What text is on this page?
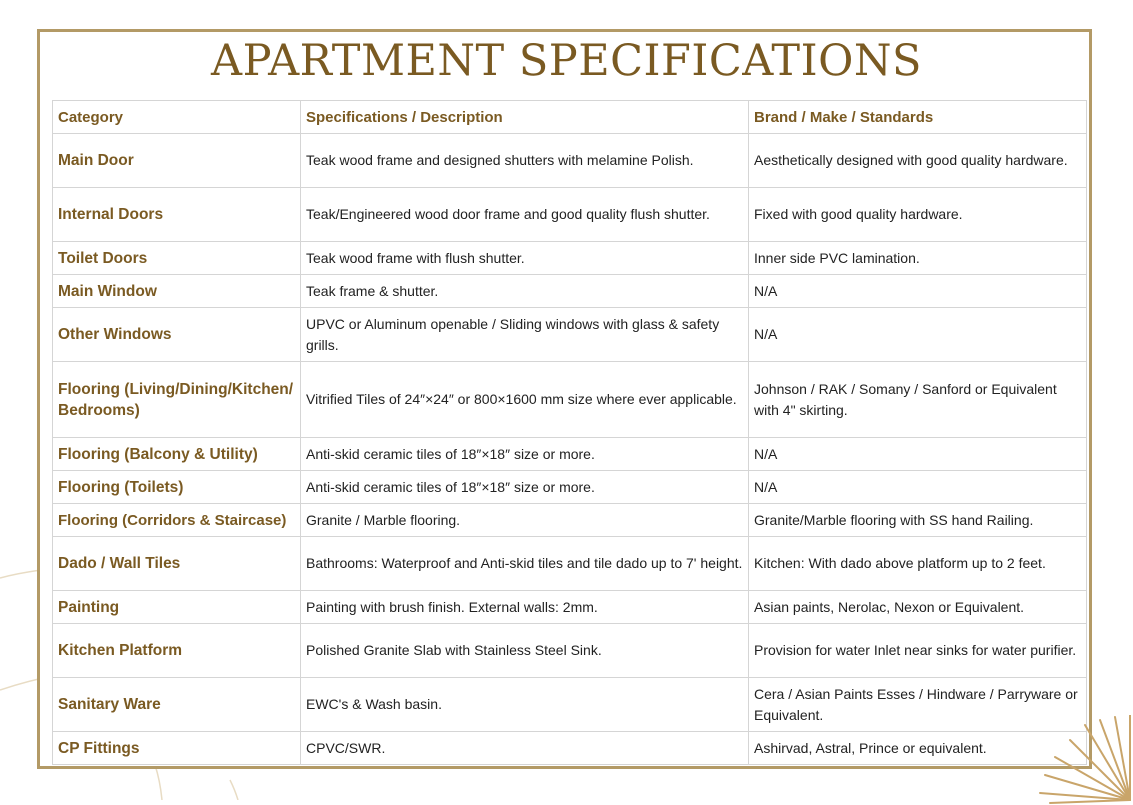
APARTMENT SPECIFICATIONS
Category	Specifications / Description	Brand / Make / Standards
Main Door	Teak wood frame and designed shutters with melamine Polish.	Aesthetically designed with good quality hardware.
Internal Doors	Teak/Engineered wood door frame and good quality flush shutter.	Fixed with good quality hardware.
Toilet Doors	Teak wood frame with flush shutter.	Inner side PVC lamination.
Main Window	Teak frame & shutter.	N/A
Other Windows	UPVC or Aluminum openable / Sliding windows with glass & safety grills.	N/A
Flooring (Living/Dining/Kitchen/Bedrooms)	Vitrified Tiles of 24″×24″ or 800×1600 mm size where ever applicable.	Johnson / RAK / Somany / Sanford or Equivalent with 4" skirting.
Flooring (Balcony & Utility)	Anti-skid ceramic tiles of 18″×18″ size or more.	N/A
Flooring (Toilets)	Anti-skid ceramic tiles of 18″×18″ size or more.	N/A
Flooring (Corridors & Staircase)	Granite / Marble flooring.	Granite/Marble flooring with SS hand Railing.
Dado / Wall Tiles	Bathrooms: Waterproof and Anti-skid tiles and tile dado up to 7' height.	Kitchen: With dado above platform up to 2 feet.
Painting	Painting with brush finish. External walls: 2mm.	Asian paints, Nerolac, Nexon or Equivalent.
Kitchen Platform	Polished Granite Slab with Stainless Steel Sink.	Provision for water Inlet near sinks for water purifier.
Sanitary Ware	EWC's & Wash basin.	Cera / Asian Paints Esses / Hindware / Parryware or Equivalent.
CP Fittings	CPVC/SWR.	Ashirvad, Astral, Prince or equivalent.
